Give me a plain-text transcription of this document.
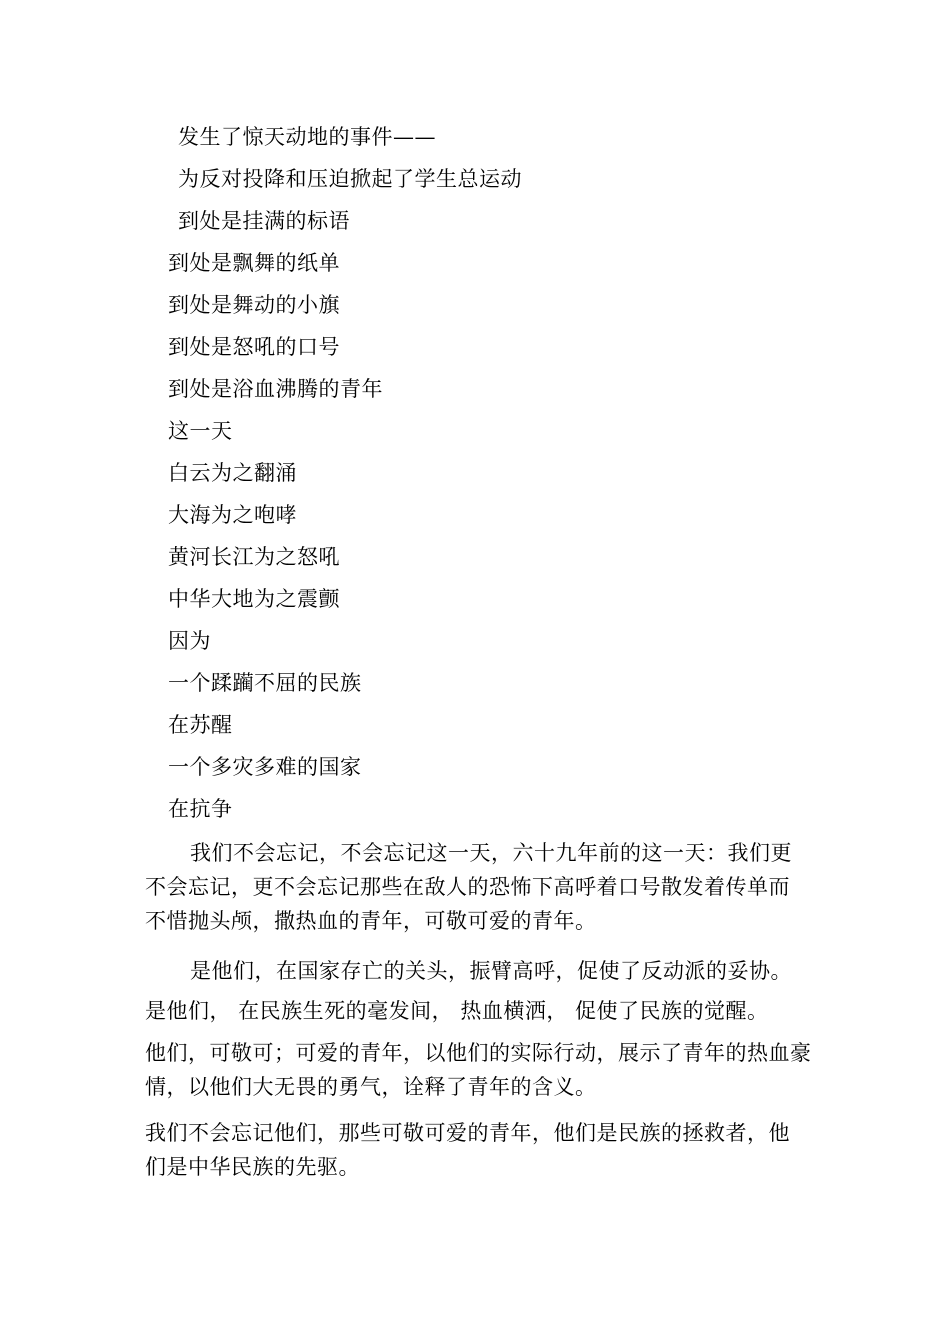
发生了惊天动地的事件——
为反对投降和压迫掀起了学生总运动
到处是挂满的标语
到处是飘舞的纸单
到处是舞动的小旗
到处是怒吼的口号
到处是浴血沸腾的青年
这一天
白云为之翻涌
大海为之咆哮
黄河长江为之怒吼
中华大地为之震颤
因为
一个蹂躏不屈的民族
在苏醒
一个多灾多难的国家
在抗争
我们不会忘记，不会忘记这一天，六十九年前的这一天：我们更
不会忘记，更不会忘记那些在敌人的恐怖下高呼着口号散发着传单而
不惜抛头颅，撒热血的青年，可敬可爱的青年。
是他们，在国家存亡的关头，振臂高呼，促使了反动派的妥协。
是他们， 在民族生死的毫发间， 热血横洒， 促使了民族的觉醒。
他们，可敬可；可爱的青年，以他们的实际行动，展示了青年的热血豪
情，以他们大无畏的勇气，诠释了青年的含义。
我们不会忘记他们，那些可敬可爱的青年，他们是民族的拯救者，他
们是中华民族的先驱。
